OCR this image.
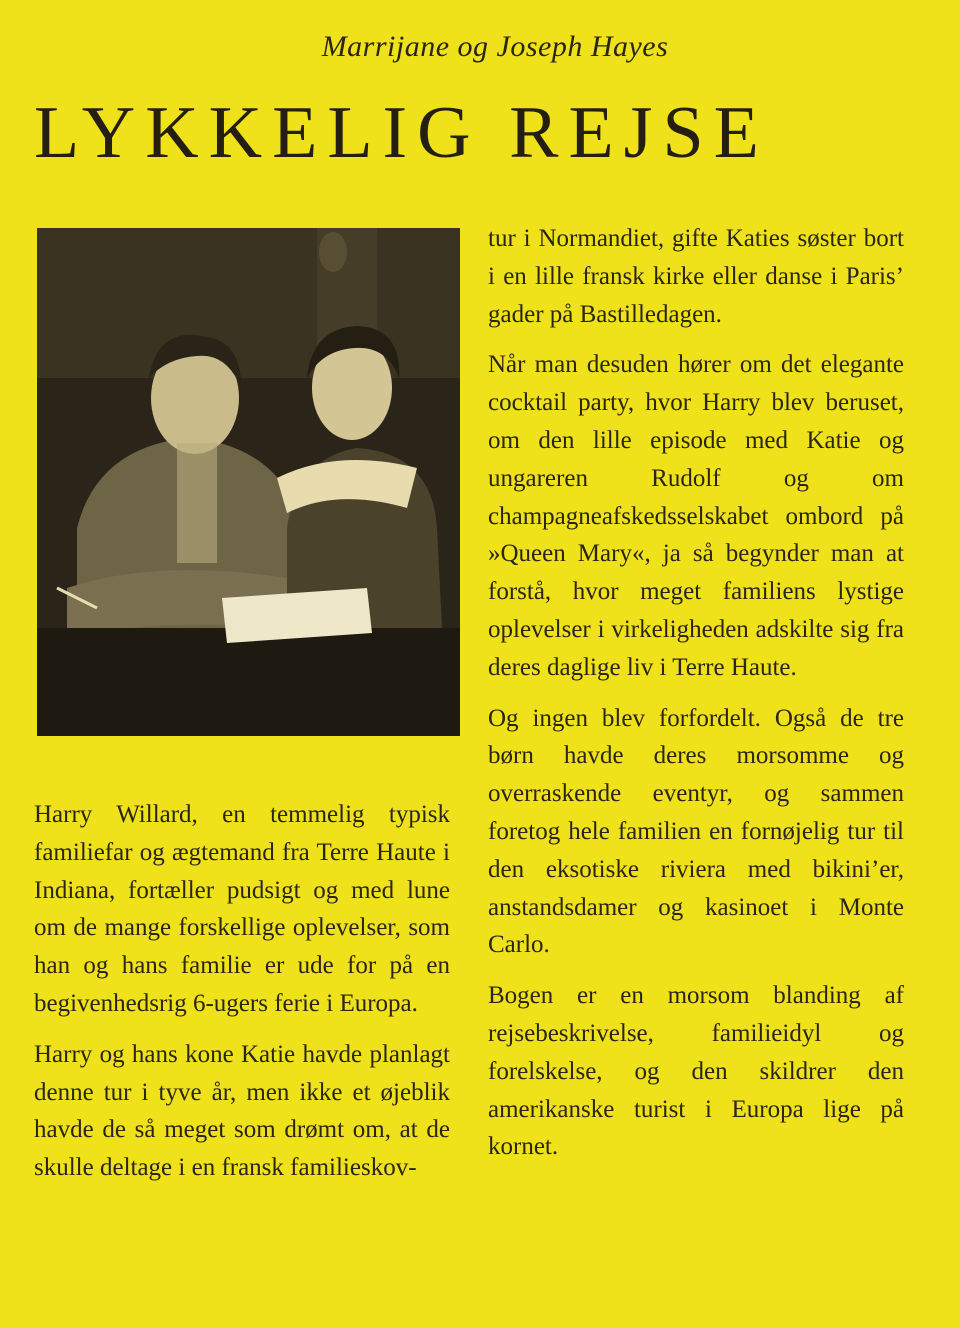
Marrijane og Joseph Hayes
LYKKELIG REJSE

Harry Willard, en temmelig typisk familiefar og ægtemand fra Terre Haute i Indiana, fortæller pudsigt og med lune om de mange forskellige oplevelser, som han og hans familie er ude for på en begivenhedsrig 6-ugers ferie i Europa.

Harry og hans kone Katie havde planlagt denne tur i tyve år, men ikke et øjeblik havde de så meget som drømt om, at de skulle deltage i en fransk familieskov-

tur i Normandiet, gifte Katies søster bort i en lille fransk kirke eller danse i Paris’ gader på Bastilledagen.

Når man desuden hører om det elegante cocktail party, hvor Harry blev beruset, om den lille episode med Katie og ungareren Rudolf og om champagneafskedsselskabet ombord på »Queen Mary«, ja så begynder man at forstå, hvor meget familiens lystige oplevelser i virkeligheden adskilte sig fra deres daglige liv i Terre Haute.

Og ingen blev forfordelt. Også de tre børn havde deres morsomme og overraskende eventyr, og sammen foretog hele familien en fornøjelig tur til den eksotiske riviera med bikini’er, anstandsdamer og kasinoet i Monte Carlo.

Bogen er en morsom blanding af rejsebeskrivelse, familieidyl og forelskelse, og den skildrer den amerikanske turist i Europa lige på kornet.
